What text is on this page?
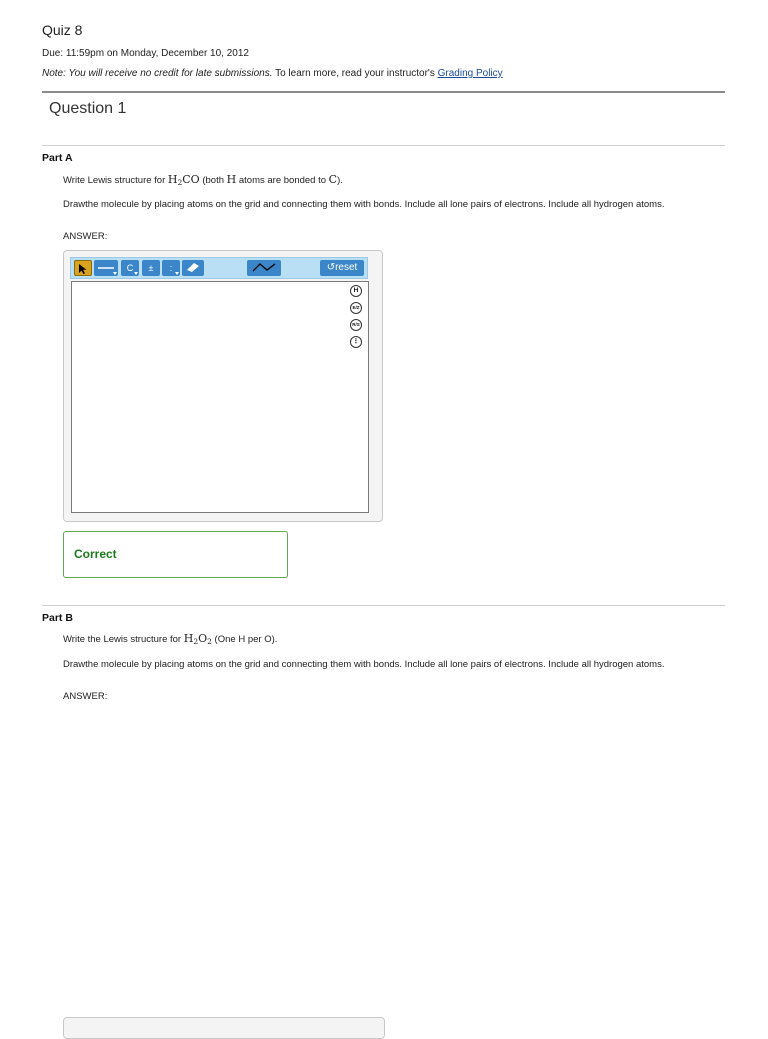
Quiz 8
Due: 11:59pm on Monday, December 10, 2012
Note: You will receive no credit for late submissions. To learn more, read your instructor's Grading Policy
Question 1
Part A
Write Lewis structure for $H_2CO$ (both H atoms are bonded to C).
Drawthe molecule by placing atoms on the grid and connecting them with bonds. Include all lone pairs of electrons. Include all hydrogen atoms.
ANSWER:
C	±	:	↺reset
H
E/Z
R/S
⋮
Correct
Part B
Write the Lewis structure for $H_2O_2$ (One H per O).
Drawthe molecule by placing atoms on the grid and connecting them with bonds. Include all lone pairs of electrons. Include all hydrogen atoms.
ANSWER:
